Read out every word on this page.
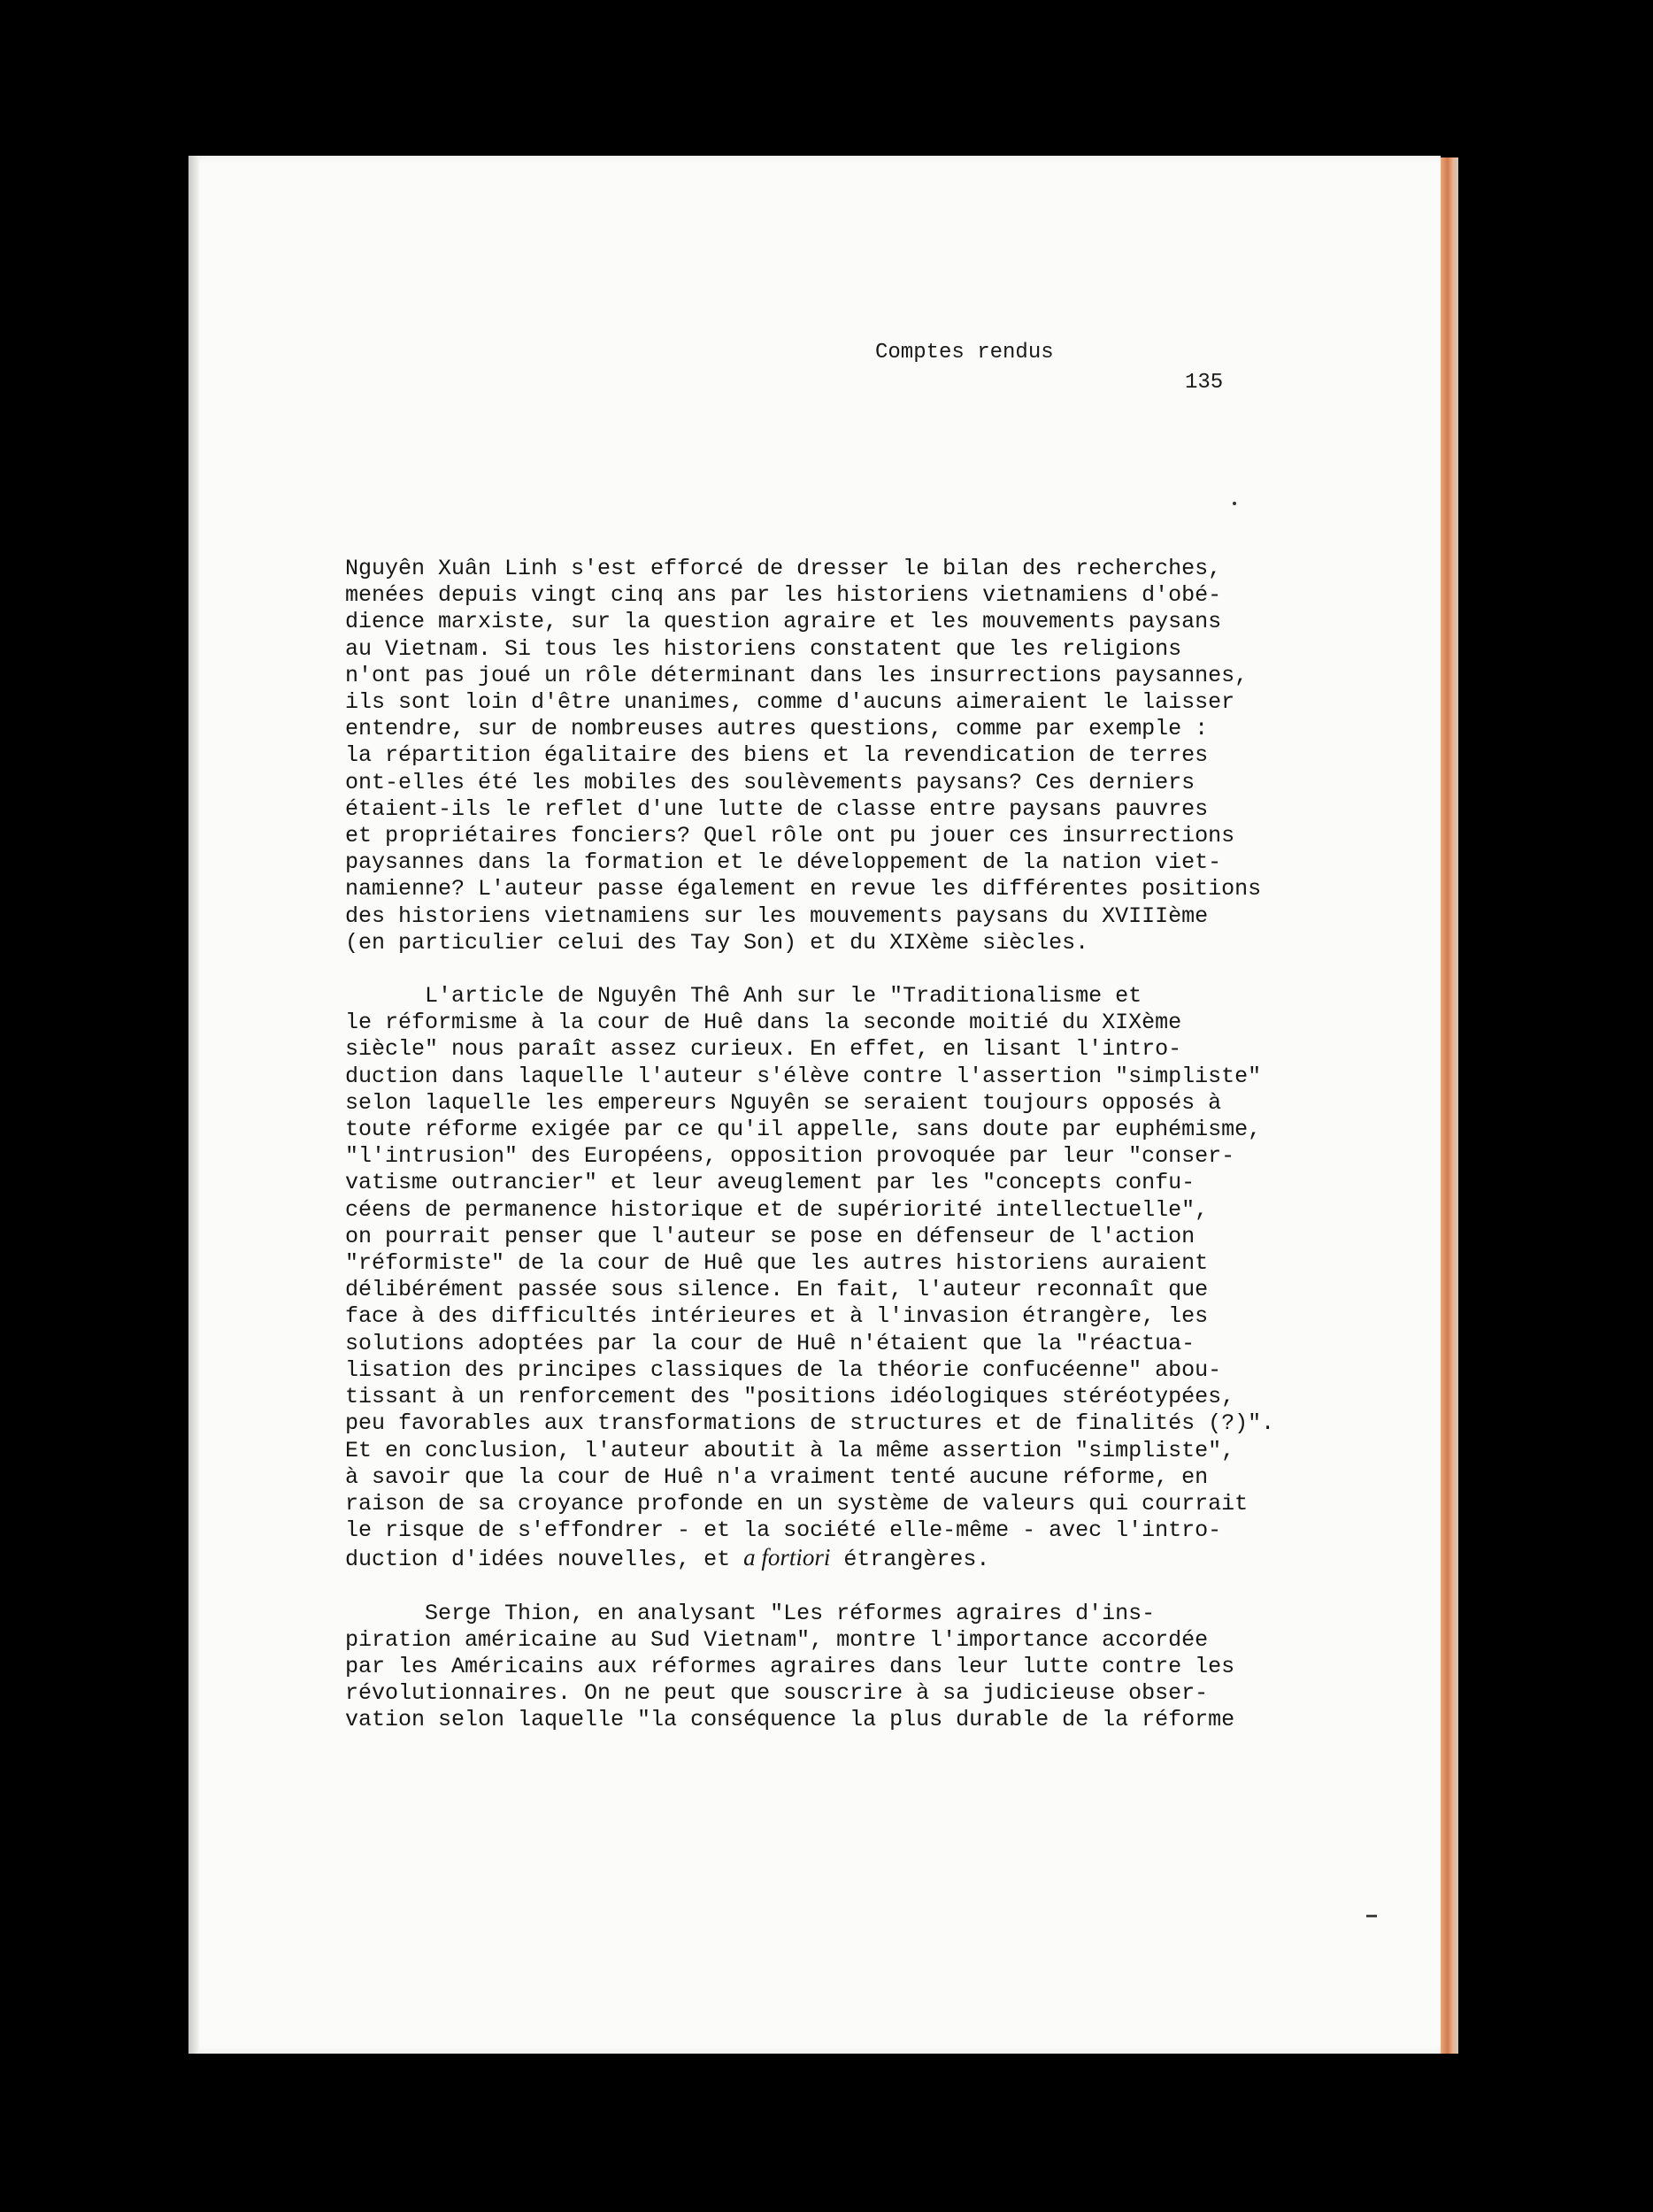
Comptes rendus

135

Nguyên Xuân Linh s'est efforcé de dresser le bilan des recherches,
menées depuis vingt cinq ans par les historiens vietnamiens d'obé-
dience marxiste, sur la question agraire et les mouvements paysans
au Vietnam. Si tous les historiens constatent que les religions
n'ont pas joué un rôle déterminant dans les insurrections paysannes,
ils sont loin d'être unanimes, comme d'aucuns aimeraient le laisser
entendre, sur de nombreuses autres questions, comme par exemple :
la répartition égalitaire des biens et la revendication de terres
ont-elles été les mobiles des soulèvements paysans? Ces derniers
étaient-ils le reflet d'une lutte de classe entre paysans pauvres
et propriétaires fonciers? Quel rôle ont pu jouer ces insurrections
paysannes dans la formation et le développement de la nation viet-
namienne? L'auteur passe également en revue les différentes positions
des historiens vietnamiens sur les mouvements paysans du XVIIIème
(en particulier celui des Tay Son) et du XIXème siècles.

L'article de Nguyên Thê Anh sur le "Traditionalisme et
le réformisme à la cour de Huê dans la seconde moitié du XIXème
siècle" nous paraît assez curieux. En effet, en lisant l'intro-
duction dans laquelle l'auteur s'élève contre l'assertion "simpliste"
selon laquelle les empereurs Nguyên se seraient toujours opposés à
toute réforme exigée par ce qu'il appelle, sans doute par euphémisme,
"l'intrusion" des Européens, opposition provoquée par leur "conser-
vatisme outrancier" et leur aveuglement par les "concepts confu-
céens de permanence historique et de supériorité intellectuelle",
on pourrait penser que l'auteur se pose en défenseur de l'action
"réformiste" de la cour de Huê que les autres historiens auraient
délibérément passée sous silence. En fait, l'auteur reconnaît que
face à des difficultés intérieures et à l'invasion étrangère, les
solutions adoptées par la cour de Huê n'étaient que la "réactua-
lisation des principes classiques de la théorie confucéenne" abou-
tissant à un renforcement des "positions idéologiques stéréotypées,
peu favorables aux transformations de structures et de finalités (?)".
Et en conclusion, l'auteur aboutit à la même assertion "simpliste",
à savoir que la cour de Huê n'a vraiment tenté aucune réforme, en
raison de sa croyance profonde en un système de valeurs qui courrait
le risque de s'effondrer - et la société elle-même - avec l'intro-
duction d'idées nouvelles, et a fortiori étrangères.

Serge Thion, en analysant "Les réformes agraires d'ins-
piration américaine au Sud Vietnam", montre l'importance accordée
par les Américains aux réformes agraires dans leur lutte contre les
révolutionnaires. On ne peut que souscrire à sa judicieuse obser-
vation selon laquelle "la conséquence la plus durable de la réforme
